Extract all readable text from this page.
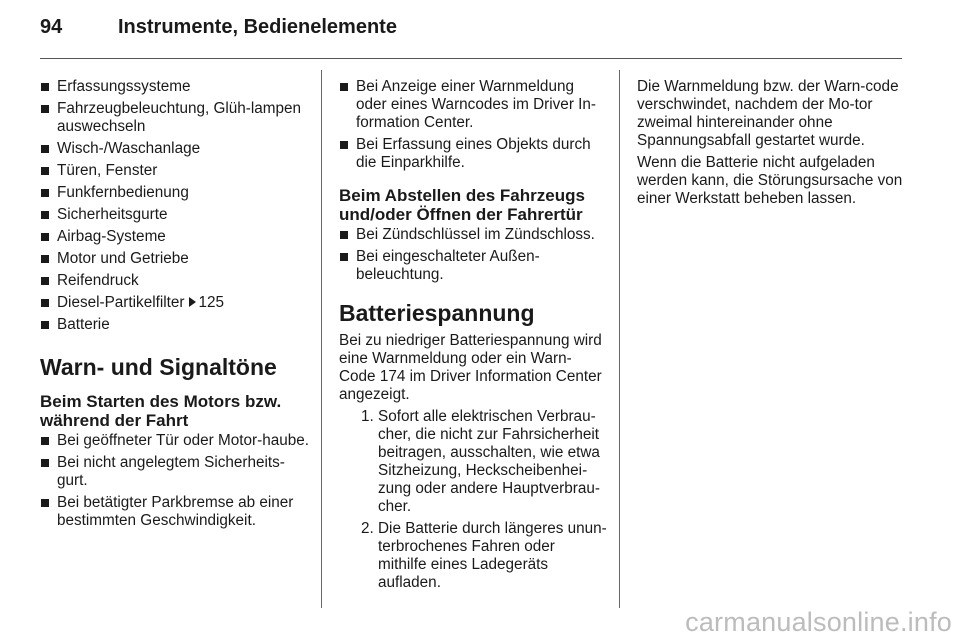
94	Instrumente, Bedienelemente
Erfassungssysteme
Fahrzeugbeleuchtung, Glüh-lampen auswechseln
Wisch-/Waschanlage
Türen, Fenster
Funkfernbedienung
Sicherheitsgurte
Airbag-Systeme
Motor und Getriebe
Reifendruck
Diesel-Partikelfilter 125
Batterie
Warn- und Signaltöne
Beim Starten des Motors bzw. während der Fahrt
Bei geöffneter Tür oder Motor-haube.
Bei nicht angelegtem Sicherheits-gurt.
Bei betätigter Parkbremse ab einer bestimmten Geschwindigkeit.
Bei Anzeige einer Warnmeldung oder eines Warncodes im Driver In-formation Center.
Bei Erfassung eines Objekts durch die Einparkhilfe.
Beim Abstellen des Fahrzeugs und/oder Öffnen der Fahrertür
Bei Zündschlüssel im Zündschloss.
Bei eingeschalteter Außen-beleuchtung.
Batteriespannung

Bei zu niedriger Batteriespannung wird eine Warnmeldung oder ein Warn-Code 174 im Driver Information Center angezeigt.

1. Sofort alle elektrischen Verbrau-cher, die nicht zur Fahrsicherheit beitragen, ausschalten, wie etwa Sitzheizung, Heckscheibenhei-zung oder andere Hauptverbrau-cher.
2. Die Batterie durch längeres unun-terbrochenes Fahren oder mithilfe eines Ladegeräts aufladen.

Die Warnmeldung bzw. der Warn-code verschwindet, nachdem der Mo-tor zweimal hintereinander ohne Spannungsabfall gestartet wurde.

Wenn die Batterie nicht aufgeladen werden kann, die Störungsursache von einer Werkstatt beheben lassen.

carmanualsonline.info
